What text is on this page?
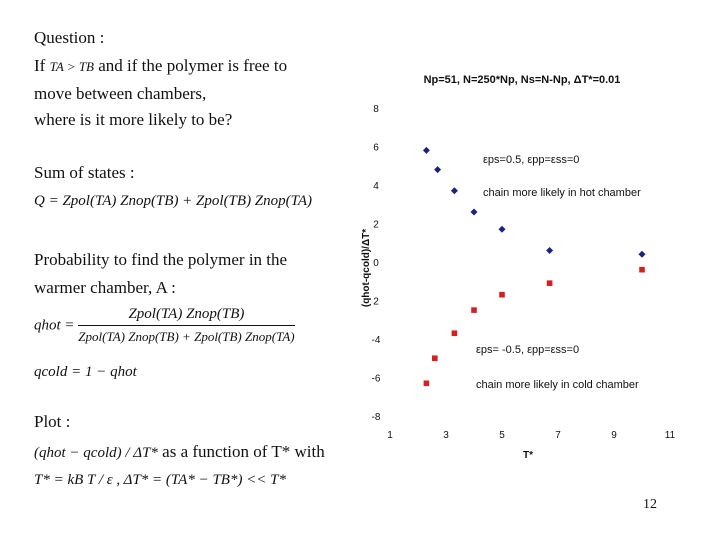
Question :
If TA > TB and if the polymer is free to
move between chambers,
where is it more likely to be?
Sum of states :
Q = Zpol(TA) Znop(TB) + Zpol(TB) Znop(TA)
Probability to find the polymer in the
warmer chamber, A :
qhot = $\frac{\text{Zpol(TA) Znop(TB)}}{\text{Zpol(TA) Znop(TB) + Zpol(TB) Znop(TA)}}$
qcold = 1 − qhot
Plot :
(qhot − qcold) / ΔT* as a function of T* with
T* = kB T / ε , ΔT* = (TA* − TB*) << T*
Np=51, N=250*Np, Ns=N-Np, ΔT*=0.01
(qhot-qcold)/ΔT*
T*
8
6
4
2
0
2
-4
-6
-8
1	3	5	7	9	11
εps=0.5, εpp=εss=0
chain more likely in hot chamber
εps= -0.5, εpp=εss=0
chain more likely in cold chamber
12
